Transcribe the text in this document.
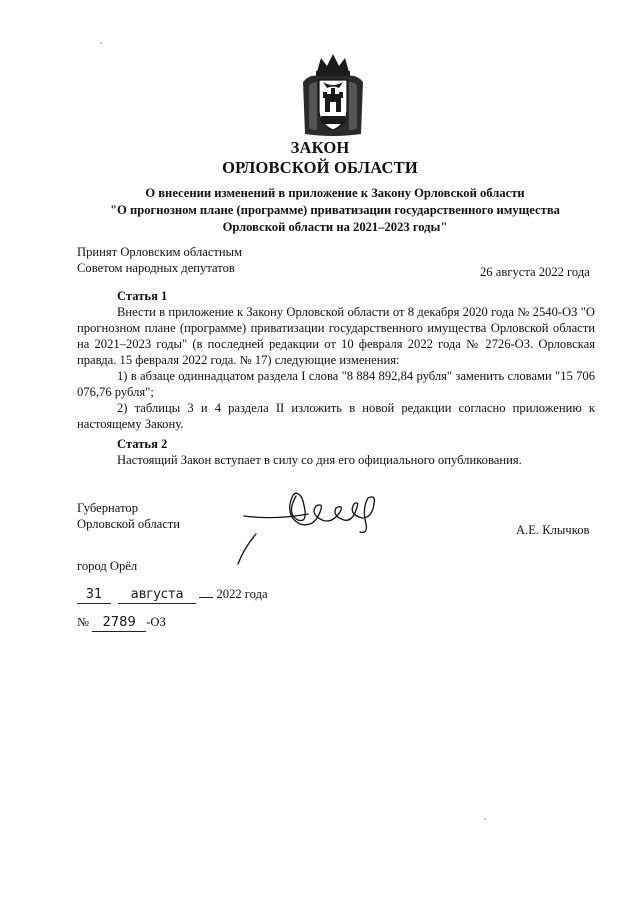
ЗАКОН
ОРЛОВСКОЙ ОБЛАСТИ
О внесении изменений в приложение к Закону Орловской области
"О прогнозном плане (программе) приватизации государственного имущества
Орловской области на 2021–2023 годы"
Принят Орловским областным
Советом народных депутатов	26 августа 2022 года
Статья 1
Внести в приложение к Закону Орловской области от 8 декабря 2020 года № 2540-ОЗ "О прогнозном плане (программе) приватизации государственного имущества Орловской области на 2021–2023 годы" (в последней редакции от 10 февраля 2022 года № 2726-ОЗ. Орловская правда. 15 февраля 2022 года. № 17) следующие изменения:
1) в абзаце одиннадцатом раздела I слова "8 884 892,84 рубля" заменить словами "15 706 076,76 рубля";
2) таблицы 3 и 4 раздела II изложить в новой редакции согласно приложению к настоящему Закону.
Статья 2
Настоящий Закон вступает в силу со дня его официального опубликования.
Губернатор
Орловской области	А.Е. Клычков
город Орёл
31 августа	2022 года
№ 2789 -ОЗ
